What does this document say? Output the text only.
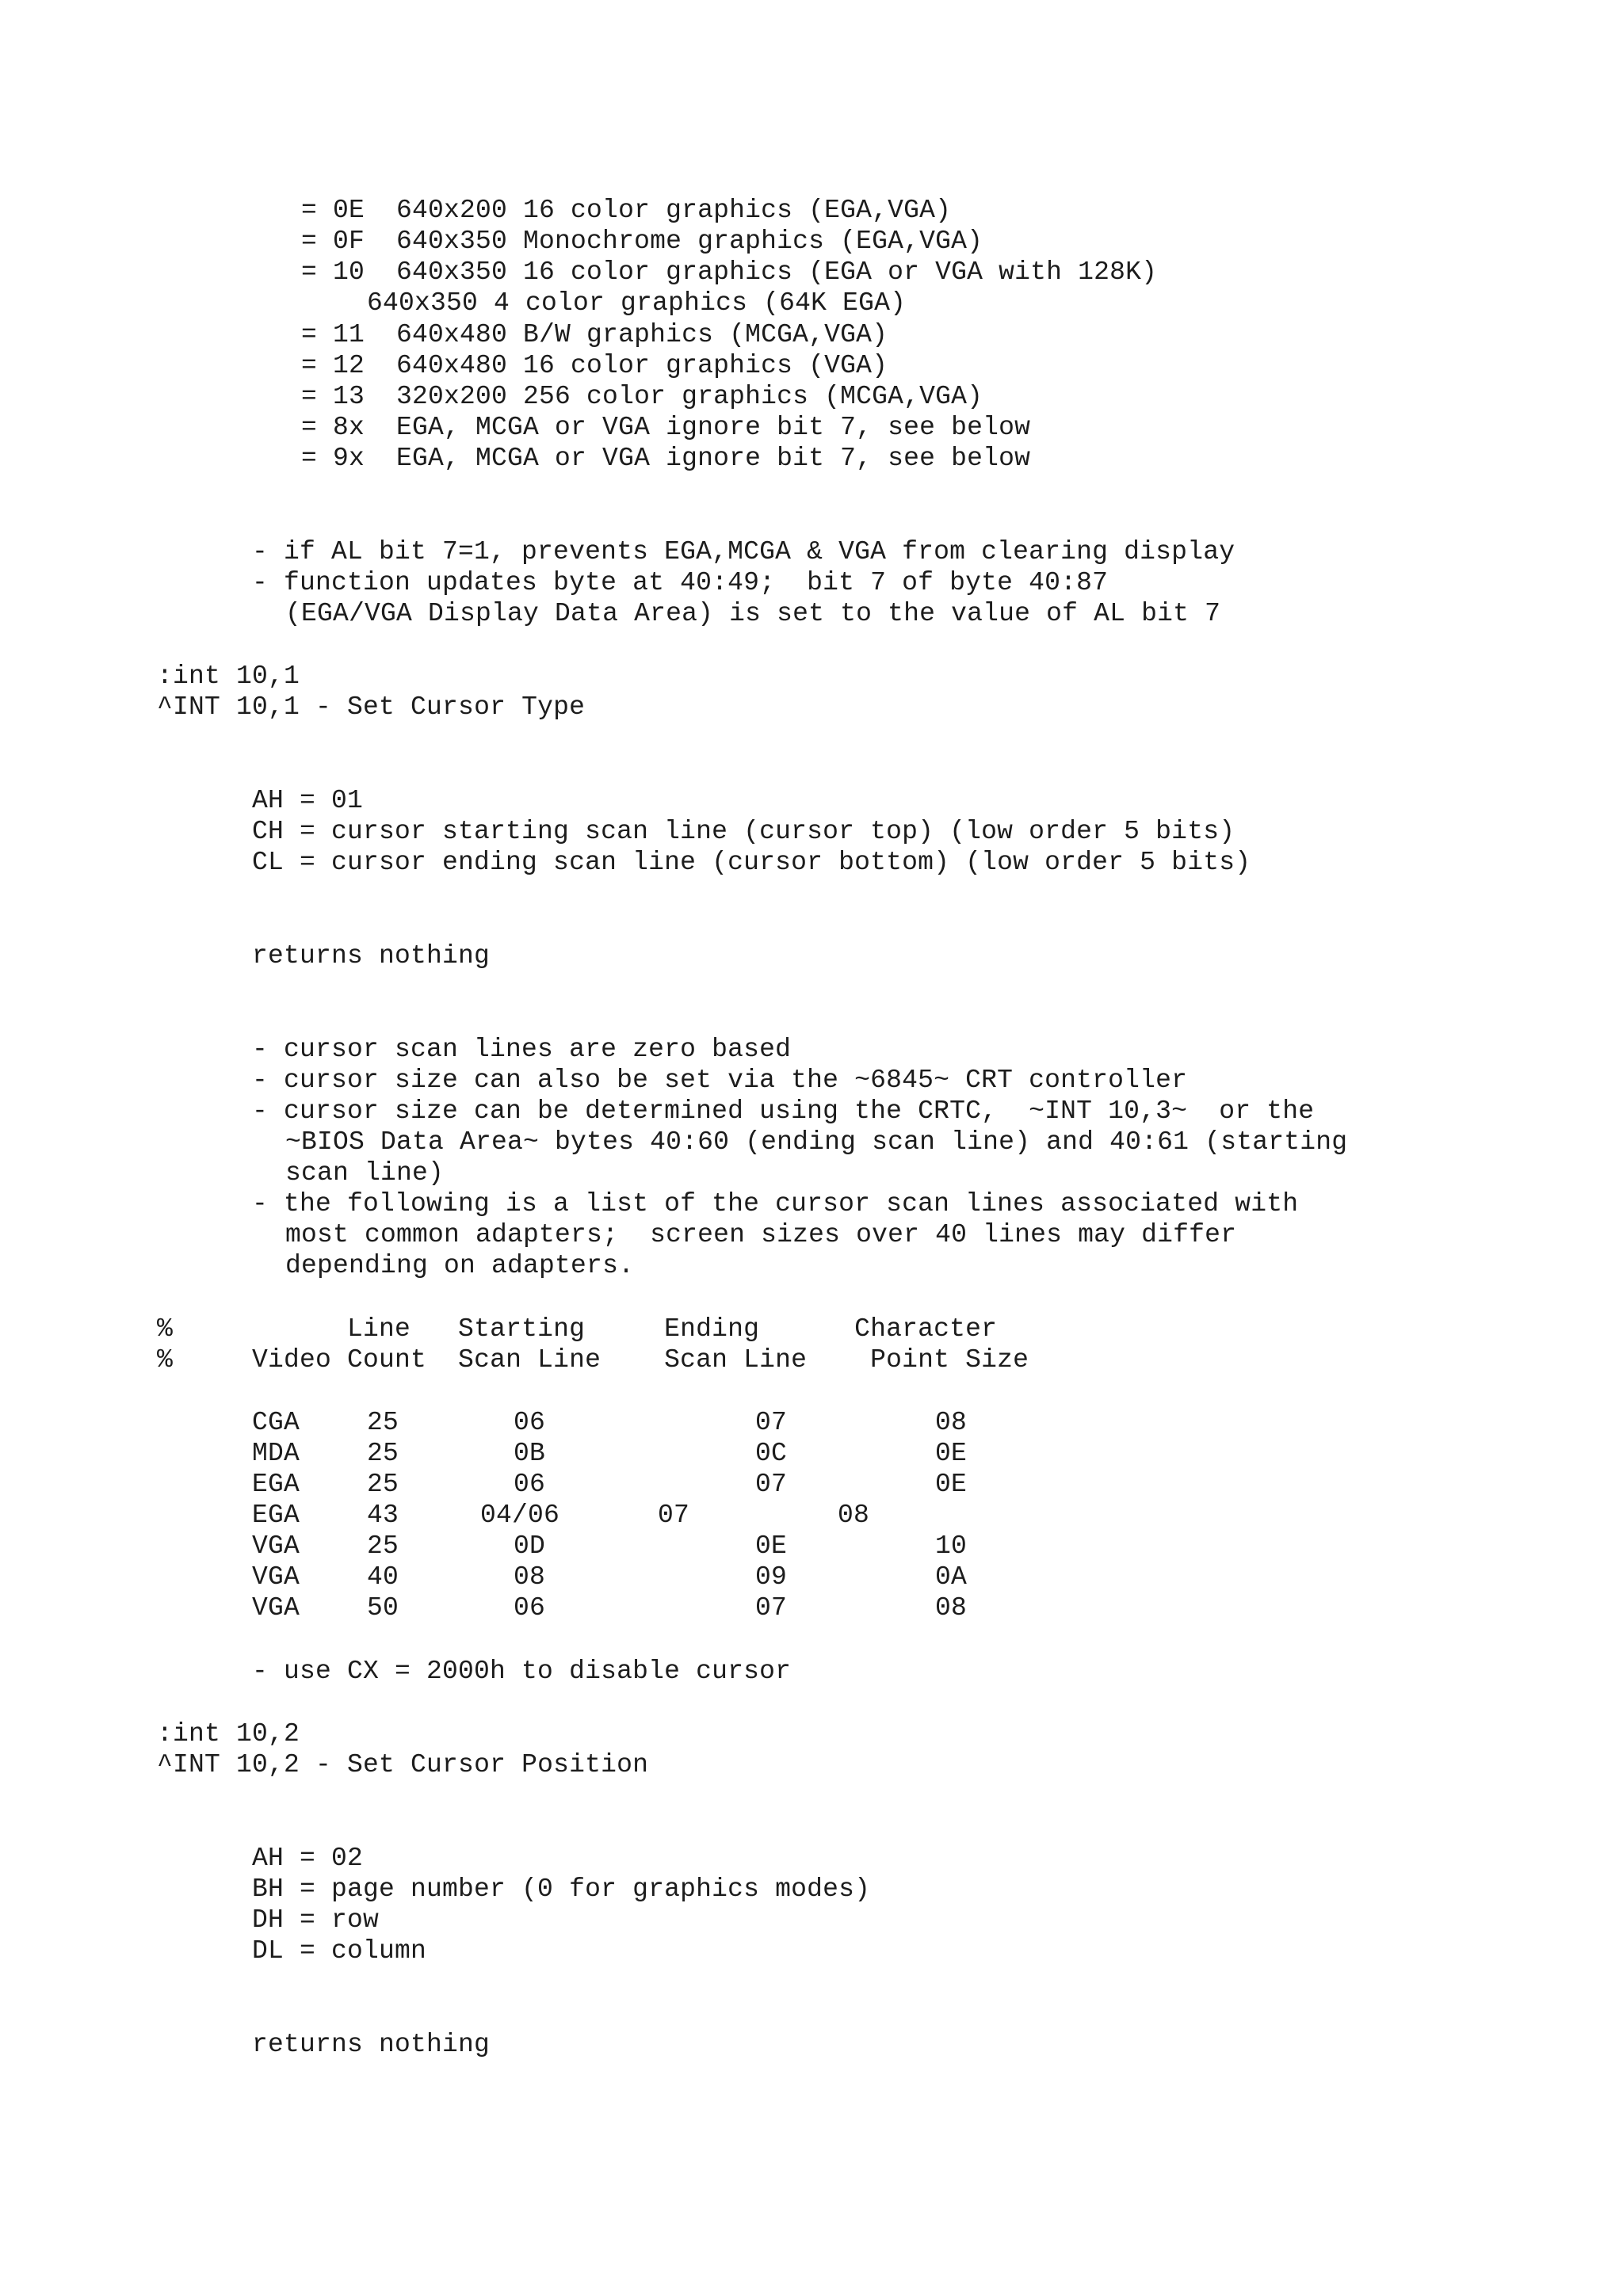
= 0E  640x200 16 color graphics (EGA,VGA)

= 0F  640x350 Monochrome graphics (EGA,VGA)

= 10  640x350 16 color graphics (EGA or VGA with 128K)

640x350 4 color graphics (64K EGA)

= 11  640x480 B/W graphics (MCGA,VGA)

= 12  640x480 16 color graphics (VGA)

= 13  320x200 256 color graphics (MCGA,VGA)

= 8x  EGA, MCGA or VGA ignore bit 7, see below

= 9x  EGA, MCGA or VGA ignore bit 7, see below

- if AL bit 7=1, prevents EGA,MCGA & VGA from clearing display

- function updates byte at 40:49;  bit 7 of byte 40:87

(EGA/VGA Display Data Area) is set to the value of AL bit 7

:int 10,1

^INT 10,1 - Set Cursor Type

AH = 01

CH = cursor starting scan line (cursor top) (low order 5 bits)

CL = cursor ending scan line (cursor bottom) (low order 5 bits)

returns nothing

- cursor scan lines are zero based

- cursor size can also be set via the ~6845~ CRT controller

- cursor size can be determined using the CRTC,  ~INT 10,3~  or the

~BIOS Data Area~ bytes 40:60 (ending scan line) and 40:61 (starting

scan line)

- the following is a list of the cursor scan lines associated with

most common adapters;  screen sizes over 40 lines may differ

depending on adapters.

%           Line   Starting     Ending      Character

%     Video Count  Scan Line    Scan Line    Point Size

CGA	25	06	07	08
MDA	25	0B	0C	0E
EGA	25	06	07	0E
EGA	43	04/06	07	08
VGA	25	0D	0E	10
VGA	40	08	09	0A
VGA	50	06	07	08

- use CX = 2000h to disable cursor

:int 10,2

^INT 10,2 - Set Cursor Position

AH = 02

BH = page number (0 for graphics modes)

DH = row

DL = column

returns nothing
